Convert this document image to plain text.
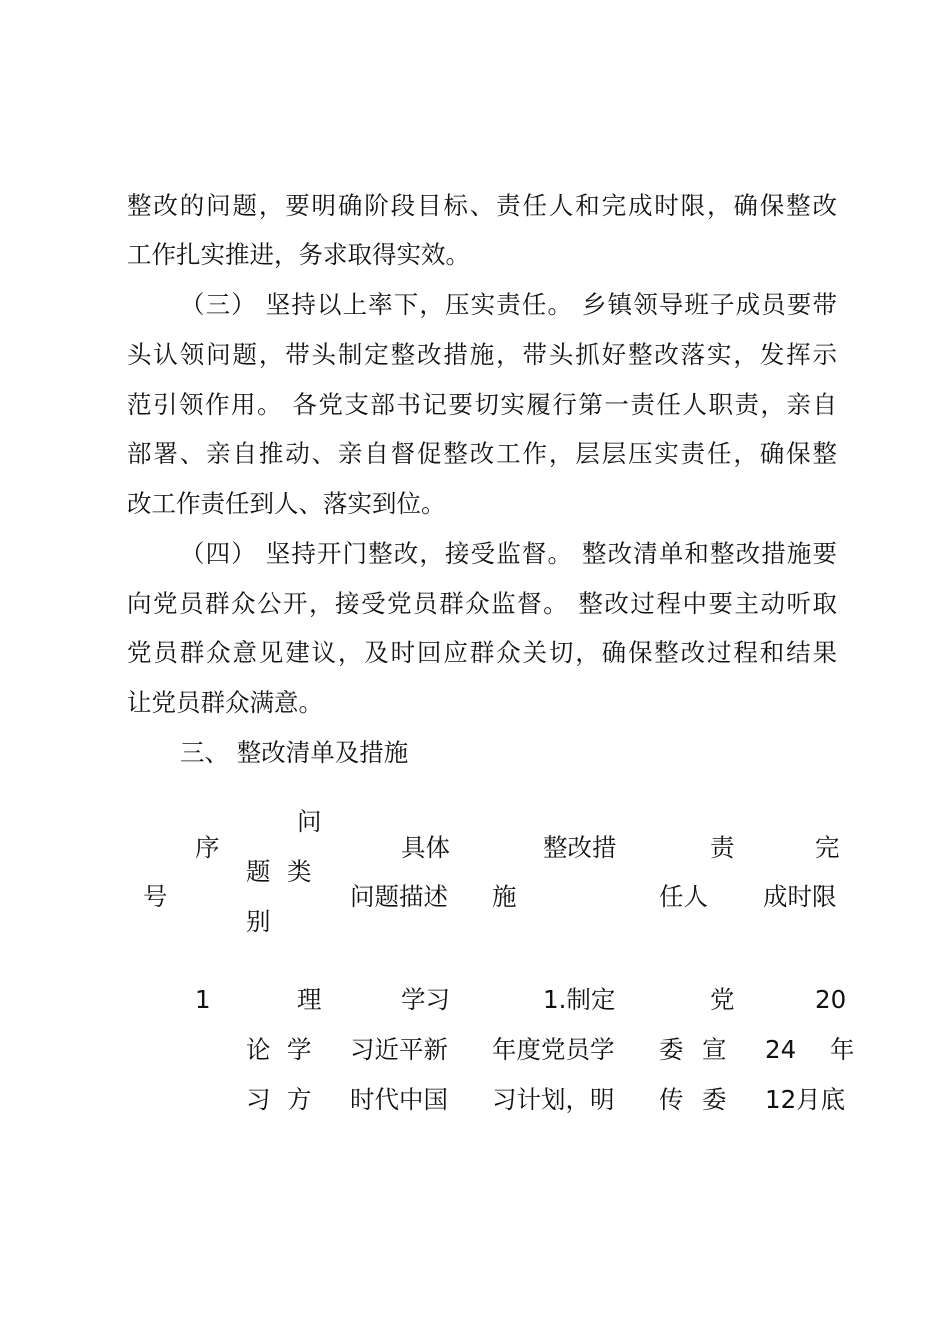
整改的问题，要明确阶段目标、责任人和完成时限，确保整改
工作扎实推进，务求取得实效。
（三） 坚持以上率下，压实责任。 乡镇领导班子成员要带
头认领问题，带头制定整改措施，带头抓好整改落实，发挥示
范引领作用。 各党支部书记要切实履行第一责任人职责，亲自
部署、亲自推动、亲自督促整改工作，层层压实责任，确保整
改工作责任到人、落实到位。
（四） 坚持开门整改，接受监督。 整改清单和整改措施要
向党员群众公开，接受党员群众监督。 整改过程中要主动听取
党员群众意见建议，及时回应群众关切，确保整改过程和结果
让党员群众满意。
三、 整改清单及措施
序
号
问
题 类
别
具体
问题描述
整改措
施
责
任人
完
成时限
1	理
论 学
习 方
学习
习近平新
时代中国
1.制定
年度党员学
习计划，明
党
委 宣
传 委
20
24 年
12月底
